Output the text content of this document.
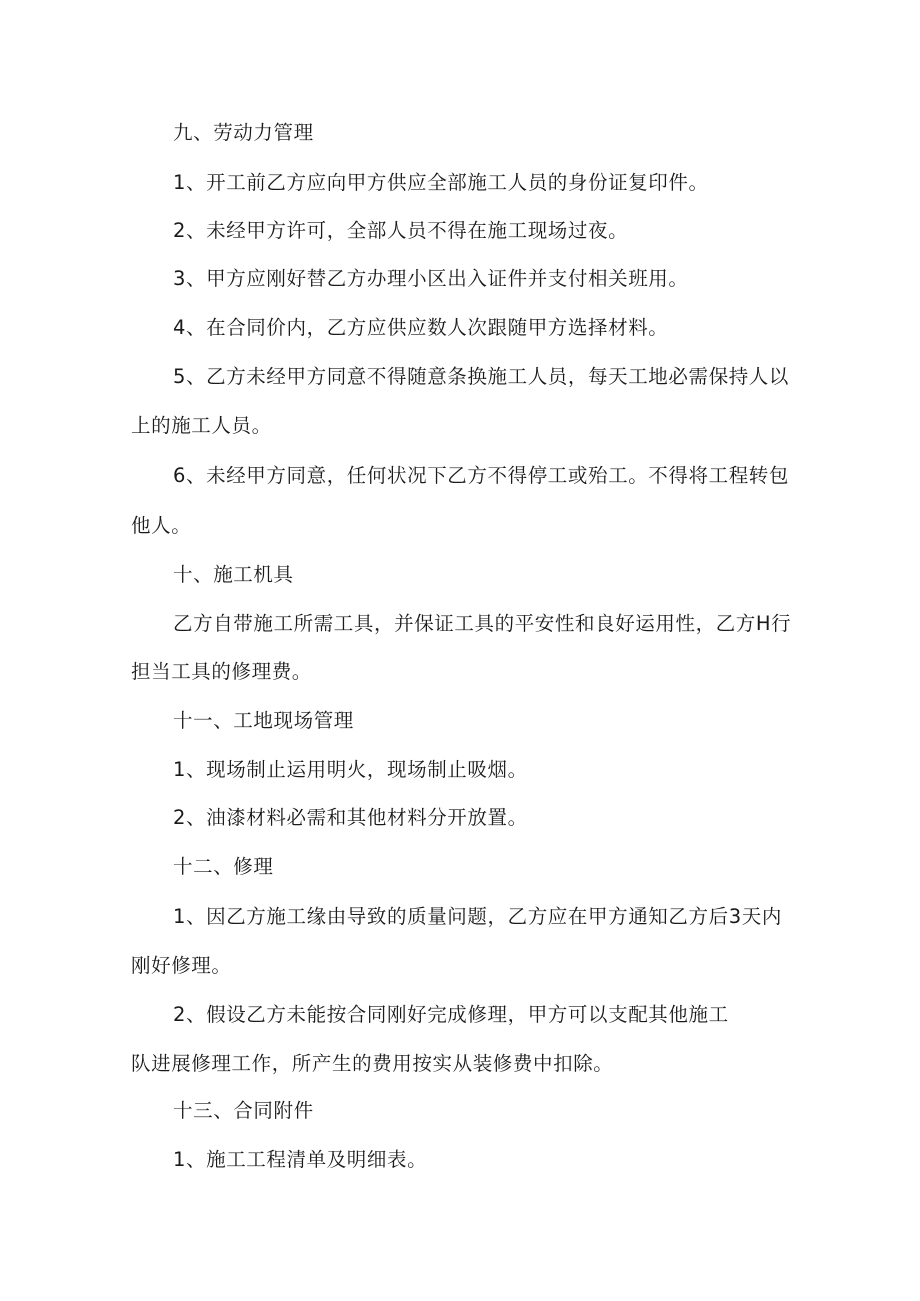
九、劳动力管理
1、开工前乙方应向甲方供应全部施工人员的身份证复印件。
2、未经甲方许可，全部人员不得在施工现场过夜。
3、甲方应刚好替乙方办理小区出入证件并支付相关班用。
4、在合同价内，乙方应供应数人次跟随甲方选择材料。
5、乙方未经甲方同意不得随意条换施工人员，每天工地必需保持人以
上的施工人员。
6、未经甲方同意，任何状况下乙方不得停工或殆工。不得将工程转包
他人。
十、施工机具
乙方自带施工所需工具，并保证工具的平安性和良好运用性，乙方H行
担当工具的修理费。
十一、工地现场管理
1、现场制止运用明火，现场制止吸烟。
2、油漆材料必需和其他材料分开放置。
十二、修理
1、因乙方施工缘由导致的质量问题，乙方应在甲方通知乙方后3天内
刚好修理。
2、假设乙方未能按合同刚好完成修理，甲方可以支配其他施工
队进展修理工作，所产生的费用按实从装修费中扣除。
十三、合同附件
1、施工工程清单及明细表。
